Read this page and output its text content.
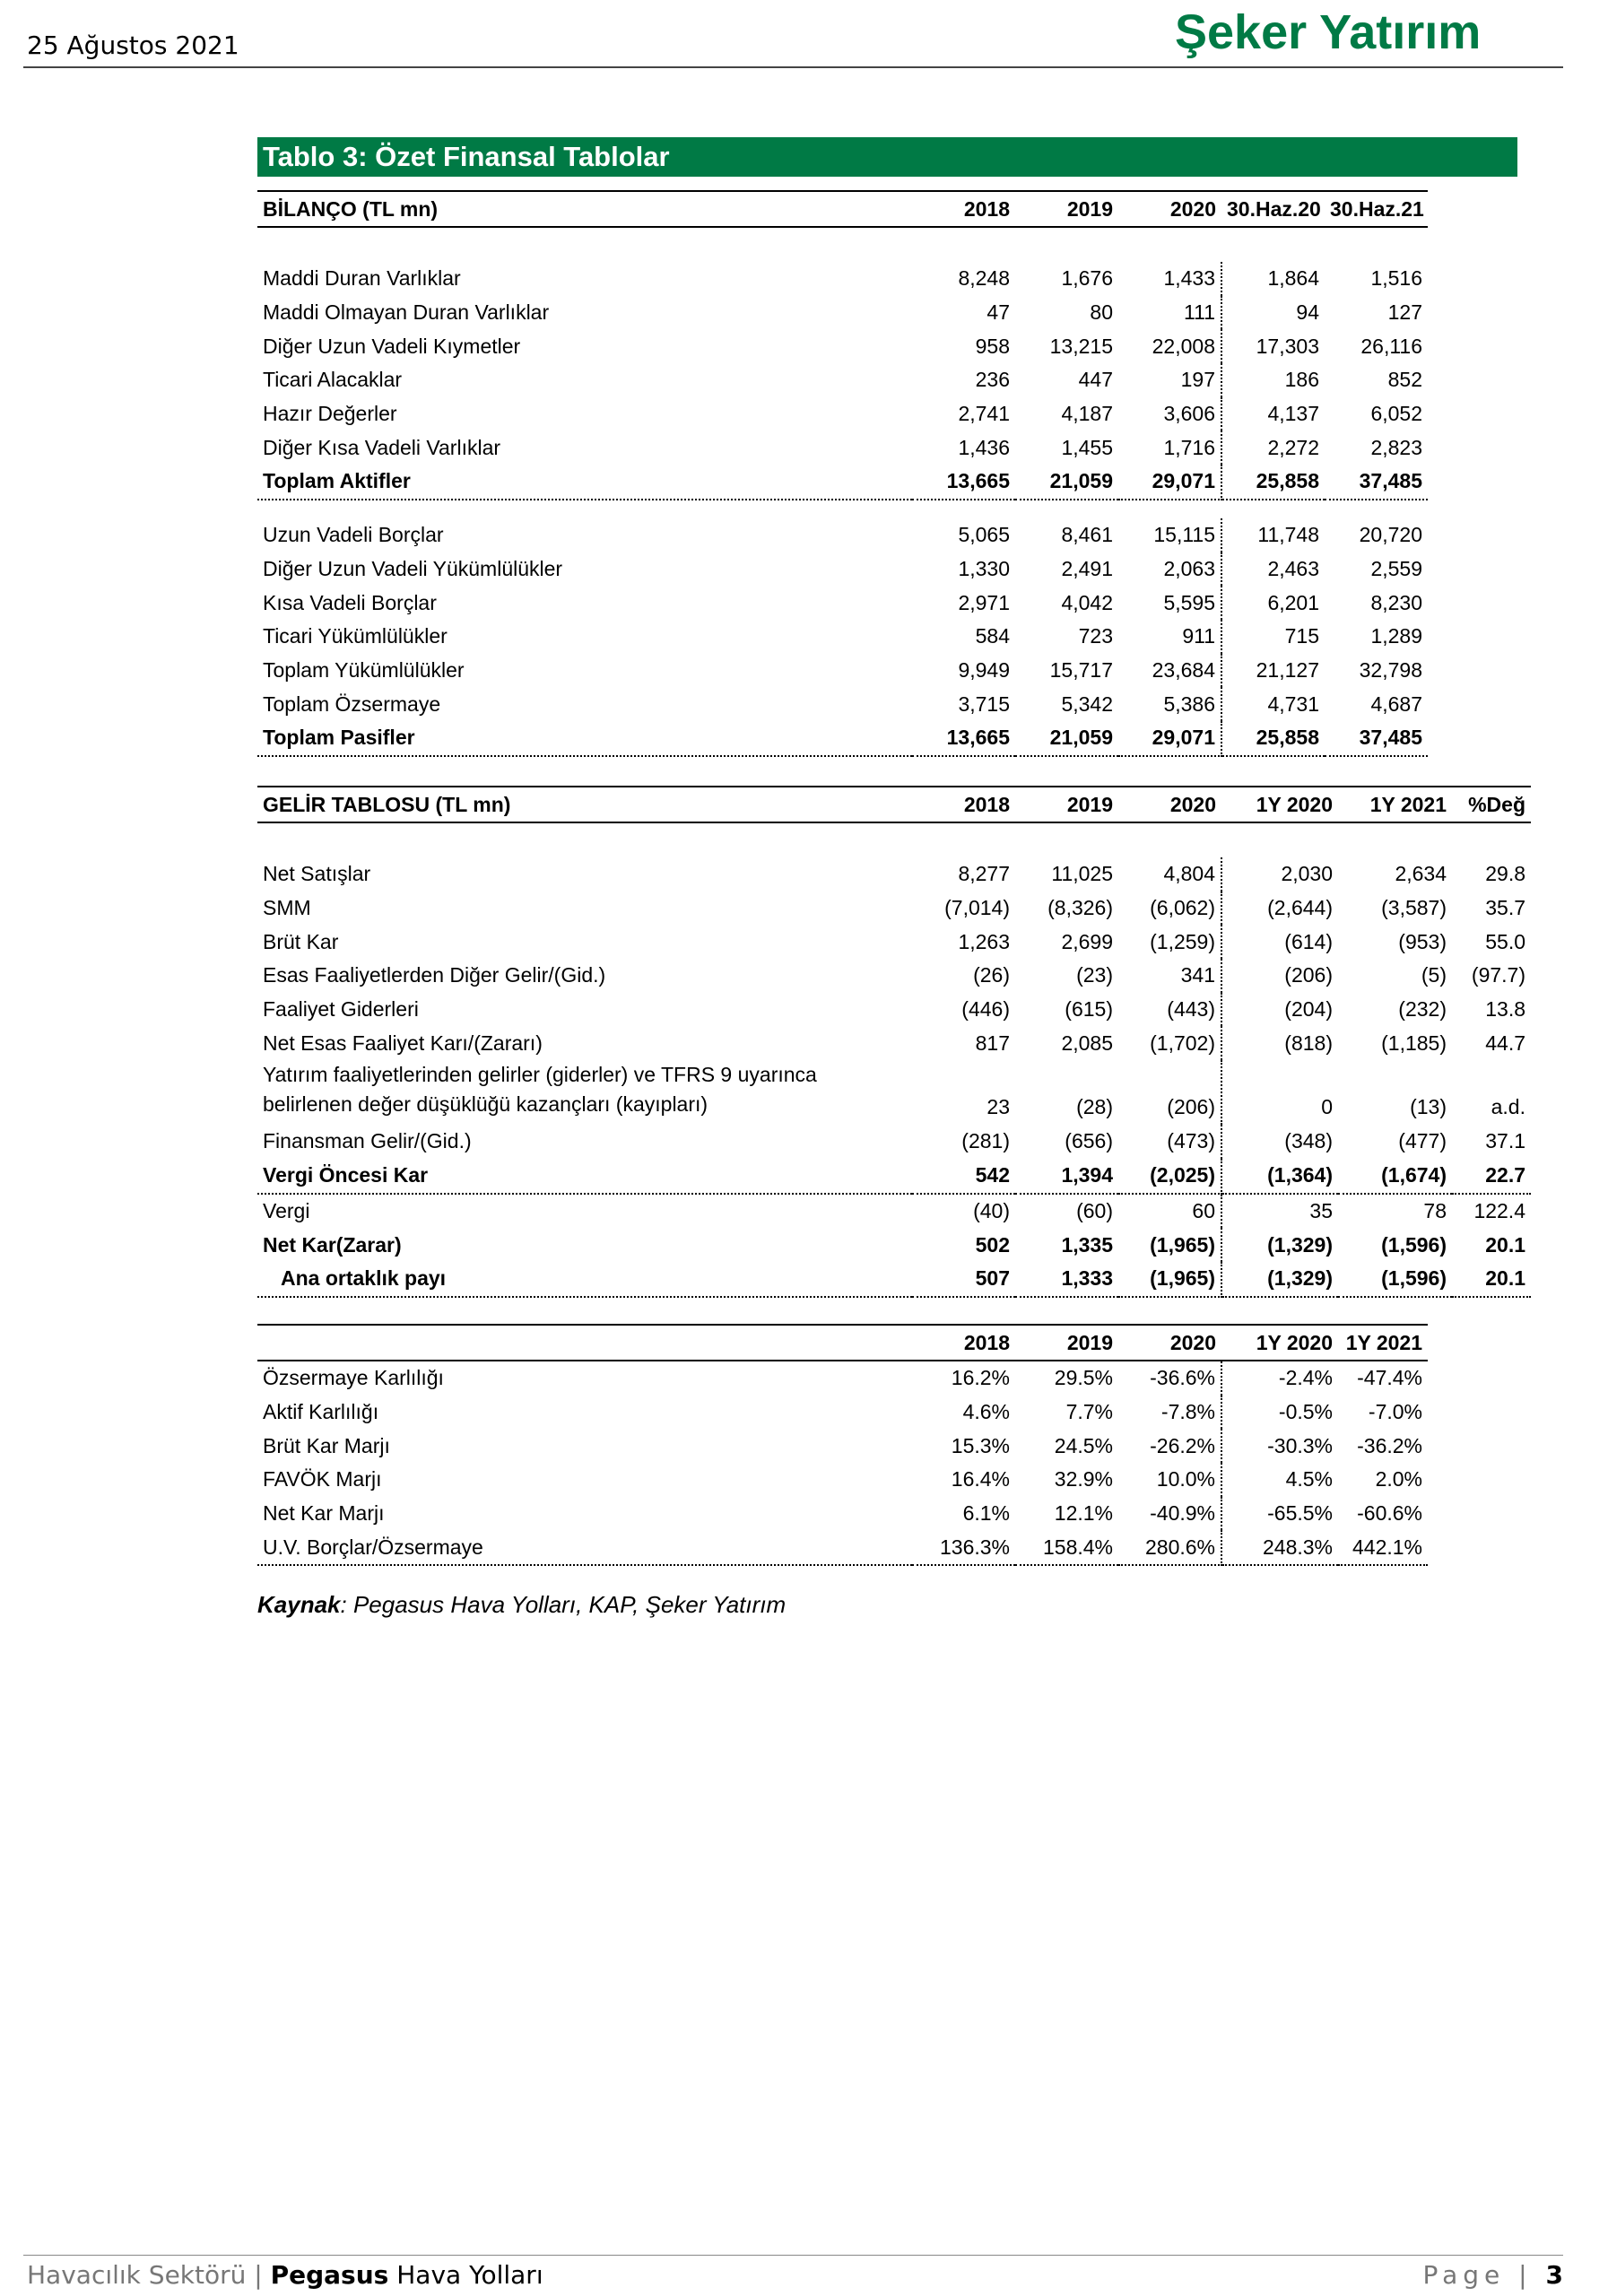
25 Ağustos 2021	Şeker Yatırım
Tablo 3: Özet Finansal Tablolar
BİLANÇO (TL mn)	2018	2019	2020	30.Haz.20	30.Haz.21

Maddi Duran Varlıklar	8,248	1,676	1,433	1,864	1,516
Maddi Olmayan Duran Varlıklar	47	80	111	94	127
Diğer Uzun Vadeli Kıymetler	958	13,215	22,008	17,303	26,116
Ticari Alacaklar	236	447	197	186	852
Hazır Değerler	2,741	4,187	3,606	4,137	6,052
Diğer Kısa Vadeli Varlıklar	1,436	1,455	1,716	2,272	2,823
Toplam Aktifler	13,665	21,059	29,071	25,858	37,485

Uzun Vadeli Borçlar	5,065	8,461	15,115	11,748	20,720
Diğer Uzun Vadeli Yükümlülükler	1,330	2,491	2,063	2,463	2,559
Kısa Vadeli Borçlar	2,971	4,042	5,595	6,201	8,230
Ticari Yükümlülükler	584	723	911	715	1,289
Toplam Yükümlülükler	9,949	15,717	23,684	21,127	32,798
Toplam Özsermaye	3,715	5,342	5,386	4,731	4,687
Toplam Pasifler	13,665	21,059	29,071	25,858	37,485
GELİR TABLOSU (TL mn)	2018	2019	2020	1Y 2020	1Y 2021	%Değ

Net Satışlar	8,277	11,025	4,804	2,030	2,634	29.8
SMM	(7,014)	(8,326)	(6,062)	(2,644)	(3,587)	35.7
Brüt Kar	1,263	2,699	(1,259)	(614)	(953)	55.0
Esas Faaliyetlerden Diğer Gelir/(Gid.)	(26)	(23)	341	(206)	(5)	(97.7)
Faaliyet Giderleri	(446)	(615)	(443)	(204)	(232)	13.8
Net Esas Faaliyet Karı/(Zararı)	817	2,085	(1,702)	(818)	(1,185)	44.7
Yatırım faaliyetlerinden gelirler (giderler) ve TFRS 9 uyarınca belirlenen değer düşüklüğü kazançları (kayıpları)	23	(28)	(206)	0	(13)	a.d.
Finansman Gelir/(Gid.)	(281)	(656)	(473)	(348)	(477)	37.1
Vergi Öncesi Kar	542	1,394	(2,025)	(1,364)	(1,674)	22.7
Vergi	(40)	(60)	60	35	78	122.4
Net Kar(Zarar)	502	1,335	(1,965)	(1,329)	(1,596)	20.1
Ana ortaklık payı	507	1,333	(1,965)	(1,329)	(1,596)	20.1
	2018	2019	2020	1Y 2020	1Y 2021
Özsermaye Karlılığı	16.2%	29.5%	-36.6%	-2.4%	-47.4%
Aktif Karlılığı	4.6%	7.7%	-7.8%	-0.5%	-7.0%
Brüt Kar Marjı	15.3%	24.5%	-26.2%	-30.3%	-36.2%
FAVÖK Marjı	16.4%	32.9%	10.0%	4.5%	2.0%
Net Kar Marjı	6.1%	12.1%	-40.9%	-65.5%	-60.6%
U.V. Borçlar/Özsermaye	136.3%	158.4%	280.6%	248.3%	442.1%
Kaynak: Pegasus Hava Yolları, KAP, Şeker Yatırım
Havacılık Sektörü | Pegasus Hava Yolları	Page | 3
